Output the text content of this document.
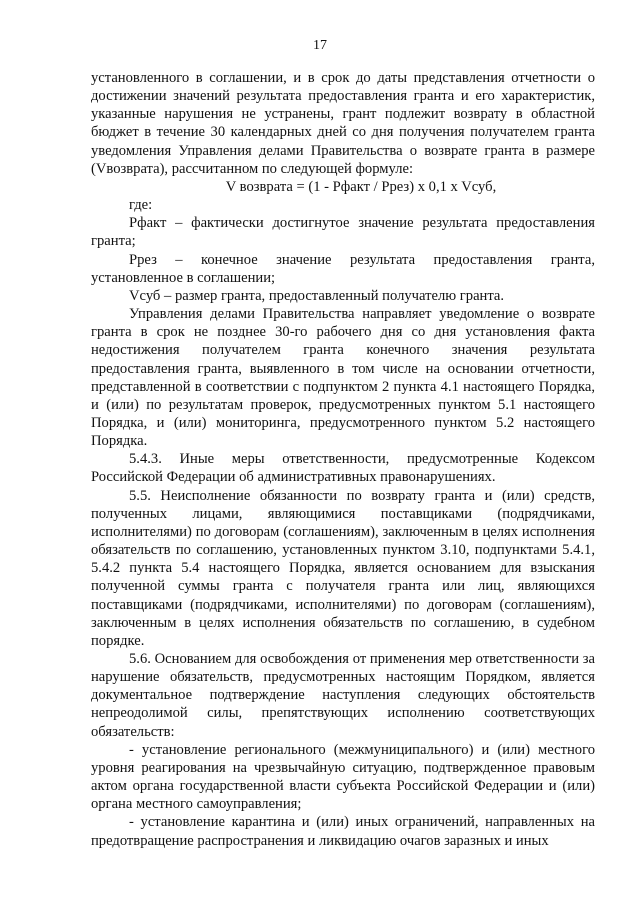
17

установленного в соглашении, и в срок до даты представления отчетности о достижении значений результата предоставления гранта и его характеристик, указанные нарушения не устранены, грант подлежит возврату в областной бюджет в течение 30 календарных дней со дня получения получателем гранта уведомления Управления делами Правительства о возврате гранта в размере (Vвозврата), рассчитанном по следующей формуле:

V возврата = (1 - Рфакт / Ррез) x 0,1 x Vсуб,

где:

Рфакт – фактически достигнутое значение результата предоставления гранта;

Ррез – конечное значение результата предоставления гранта, установленное в соглашении;

Vсуб – размер гранта, предоставленный получателю гранта.

Управления делами Правительства направляет уведомление о возврате гранта в срок не позднее 30-го рабочего дня со дня установления факта недостижения получателем гранта конечного значения результата предоставления гранта, выявленного в том числе на основании отчетности, представленной в соответствии с подпунктом 2 пункта 4.1 настоящего Порядка, и (или) по результатам проверок, предусмотренных пунктом 5.1 настоящего Порядка, и (или) мониторинга, предусмотренного пунктом 5.2 настоящего Порядка.

5.4.3. Иные меры ответственности, предусмотренные Кодексом Российской Федерации об административных правонарушениях.

5.5. Неисполнение обязанности по возврату гранта и (или) средств, полученных лицами, являющимися поставщиками (подрядчиками, исполнителями) по договорам (соглашениям), заключенным в целях исполнения обязательств по соглашению, установленных пунктом 3.10, подпунктами 5.4.1, 5.4.2 пункта 5.4 настоящего Порядка, является основанием для взыскания полученной суммы гранта с получателя гранта или лиц, являющихся поставщиками (подрядчиками, исполнителями) по договорам (соглашениям), заключенным в целях исполнения обязательств по соглашению, в судебном порядке.

5.6. Основанием для освобождения от применения мер ответственности за нарушение обязательств, предусмотренных настоящим Порядком, является документальное подтверждение наступления следующих обстоятельств непреодолимой силы, препятствующих исполнению соответствующих обязательств:

- установление регионального (межмуниципального) и (или) местного уровня реагирования на чрезвычайную ситуацию, подтвержденное правовым актом органа государственной власти субъекта Российской Федерации и (или) органа местного самоуправления;

- установление карантина и (или) иных ограничений, направленных на предотвращение распространения и ликвидацию очагов заразных и иных
